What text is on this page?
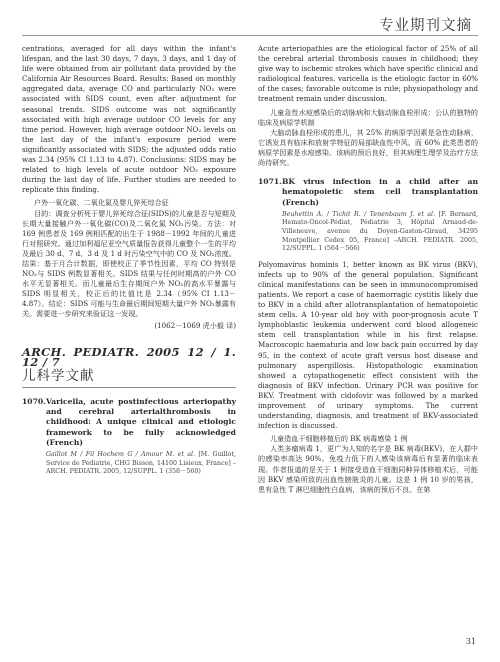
专业期刊文摘

centrations, averaged for all days within the infant's lifespan, and the last 30 days, 7 days, 3 days, and 1 day of life were obtained from air pollutant data provided by the California Air Resources Board. Results: Based on monthly aggregated data, average CO and particularly NO₂ were associated with SIDS count, even after adjustment for seasonal trends. SIDS outcome was not significantly associated with high average outdoor CO levels for any time period. However, high average outdoor NO₂ levels on the last day of the infant's exposure period were significantly associated with SIDS; the adjusted odds ratio was 2.34 (95% CI 1.13 to 4.87). Conclusions: SIDS may be related to high levels of acute outdoor NO₂ exposure during the last day of life. Further studies are needed to replicate this finding.

户外一氧化碳、二氧化氮及婴儿猝死综合征

目的：调查分析死于婴儿猝死综合征(SIDS)的儿童是否与短期及长期大量接触户外一氧化碳(CO)及二氧化氮 NO₂污染。方法：对 169 例患者及 169 例相匹配的出生于 1988－1992 年间的儿童进行对照研究。通过加利福尼亚空气质量报告获得儿童整个一生的平均及最后 30 d、7 d、3 d 及 1 d 时污染空气中的 CO 及 NO₂浓度。结果：基于月合计数据，即使校正了季节性因素，平均 CO 特别是 NO₂与 SIDS 例数显著相关。SIDS 结果与任何时期高的户外 CO 水平无显著相关。而儿童最后生存期间户外 NO₂的高水平暴露与 SIDS 明显相关，校正后的比值比是 2.34（95% CI 1.13－4.87）。结论：SIDS 可能与生命最后期间短期大量户外 NO₂暴露有关。需要进一步研究来验证这一发现。

(1062－1069 虎小毅 译)
ARCH. PEDIATR. 2005 12 / 1. 12 / 7
儿科学文献
1070. Varicella, acute postinfectious arteriopathy and cerebral arterialthrombosis in childhood: A unique clinical and etiologic framework to be fully acknowledged (French)
Gaillot M / Fil Hochem G / Amour M. et al. [M. Guillot, Service de Pédiatrie, CHG Bisson, 14100 Lisieux, France] –ARCH. PEDIATR. 2005, 12/SUPPL. 1 (358－560)

Acute arteriopathies are the etiological factor of 25% of all the cerebral arterial thrombosis causes in childhood; they give way to ischemic strokes which have specific clinical and radiological features. varicella is the etiologic factor in 60% of the cases; favorable outcome is rule; physiopathology and treatment remain under discussion.

儿童急性水痘感染后的动脉病和大脑动脉血栓形成：公认的独特的临床及病原学机制

大脑动脉血栓形成的患儿，其 25% 的病原学因素是急性动脉病，它诱发具有临床和放射学特征的局部缺血性中风。而 60% 此类患者的病原学因素是水痘感染。该病的预后良好，但其病理生理学及治疗方法尚待研究。

1071. BK virus infection in a child after an hematopoietic stem cell transplantation (French)
Beuhettin A. / Tichit R. / Tenenbaum J. et al. [F. Bernard, Hemato-Oncol-Pédiat, Pédiatrie 3, Hôpital Arnaud-de-Villeneuve, avenue du Doyen-Gaston-Giraud, 34295 Montpellier Cedex 05, France] –ARCH. PEDIATR. 2005, 12/SUPPL. 1 (564－566)

Polyomavirus hominis 1, better known as BK virus (BKV), infects up to 90% of the general population. Significant clinical manifestations can be seen in immunocompromised patients. We report a case of haemorragic cystitis likely due to BKV in a child after allotransplantation of hematopoietic stem cells. A 10-year old boy with poor-prognosis acute T lymphoblastic leukemia underwent cord blood allogeneic stem cell transplantation while in his first relapse. Macroscopic haematuria and low back pain occurred by day 95, in the context of acute graft versus host disease and pulmonary aspergillosis. Histopathologic examination showed a cytopathogenetic effect consistent with the diagnosis of BKV infection. Urinary PCR was positive for BKV. Treatment with cidofovir was followed by a marked improvement of urinary symptoms. The current understanding, diagnosis, and treatment of BKV-associated infection is discussed.

儿童造血干细胞移植后的 BK 病毒感染 1 例

人类多瘤病毒 1，更广为人知的名字是 BK 病毒(BKV)，在人群中的感染率高达 90%。免疫力低下的人感染该病毒后有显著的临床表现。作者报道的是关于 1 例接受造血干细胞同种异体移植术后，可能因 BKV 感染所致的出血性膀胱炎的儿童。这是 1 例 10 岁的男孩，患有急性 T 淋巴细胞性白血病，该病的预后不良。在第

31
